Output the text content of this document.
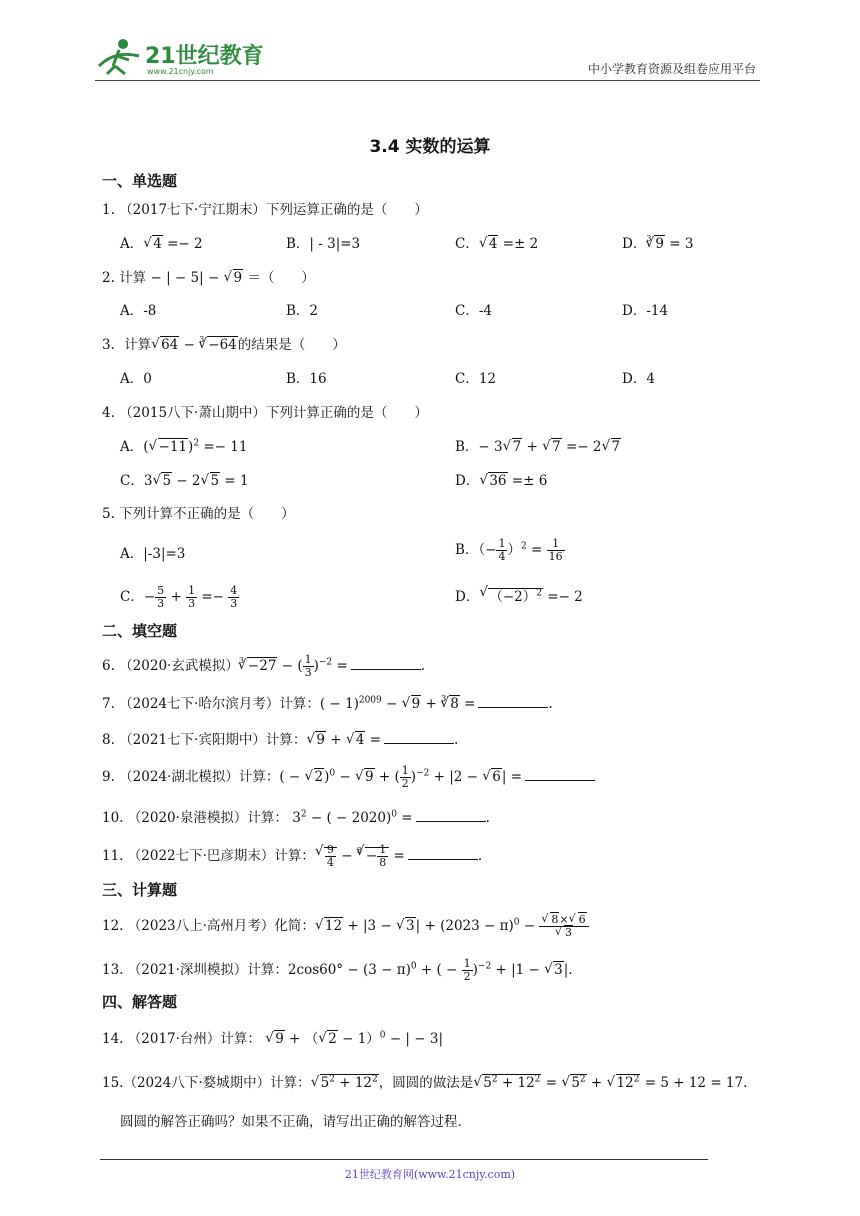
21世纪教育
www.21cnjy.com	中小学教育资源及组卷应用平台
3.4 实数的运算
一、单选题
1. （2017七下·宁江期末）下列运算正确的是（　　）
A．√ 4 =− 2	B．| - 3|=3	C．√ 4 =± 2	D．$^3$√ 9 = 3
2. 计算 − | − 5| − √ 9 ＝（　　）
A．-8	B．2	C．-4	D．-14
3．计算√ 64 − $^3$√ −64的结果是（　　）
A．0	B．16	C．12	D．4
4. （2015八下·萧山期中）下列计算正确的是（　　）
A．(√ −11)$^2$ =− 11	B．− 3√ 7 + √ 7 =− 2√ 7
C．3√ 5 − 2√ 5 = 1	D．√ 36 =± 6
5. 下列计算不正确的是（　　）
A．|-3|=3	B．（− $\frac{1}{4} )^2 = \frac{1}{16}$
C．− $\frac{5}{3} + \frac{1}{3} =- \frac{4}{3}$	D．√ $(-2)^2 =- 2$
二、填空题
6. （2020·玄武模拟）$^3$√ −27 − ( $\frac{1}{3} )^{-2}$ =	.
7. （2024七下·哈尔滨月考）计算：( − 1)$^{2009}$ − √ 9 + $^3$√ 8 =	.
8. （2021七下·宾阳期中）计算：√ 9 + √ 4 =	.
9. （2024·湖北模拟）计算：( − √ 2)$^0$ − √ 9 + ( $\frac{1}{2} )^{-2} + |2$ − √ 6| =
10. （2020·泉港模拟）计算： $3^2$ − ( − 2020)$^0$ =	.
11. （2022七下·巴彦期末）计算：
√ $\frac{9}{4} - ^3√ - \frac{1}{8}$ =	.
三、计算题
12. （2023八上·高州月考）化简：√ 12 + |3 − √ $3| + (2023 - \pi)^0$ −
√ 8×√ 6
√ 3
13. （2021·深圳模拟）计算：$2\cos 60^\circ - (3 - \pi)^0$ + ( − $\frac{1}{2} )^{-2} + |1$ − √ 3|.
四、解答题
14. （2017·台州）计算： √ 9 + （√ 2 − 1）$^0$ − | − 3|
15.（2024八下·婺城期中）计算：√ $5^2 + 12^2$，圆圆的做法是√ $5^2 + 12^2$ = √ $5^2$ + √ $12^2 = 5 + 12 = 17$.
圆圆的解答正确吗？如果不正确，请写出正确的解答过程.
21世纪教育网(www.21cnjy.com)
